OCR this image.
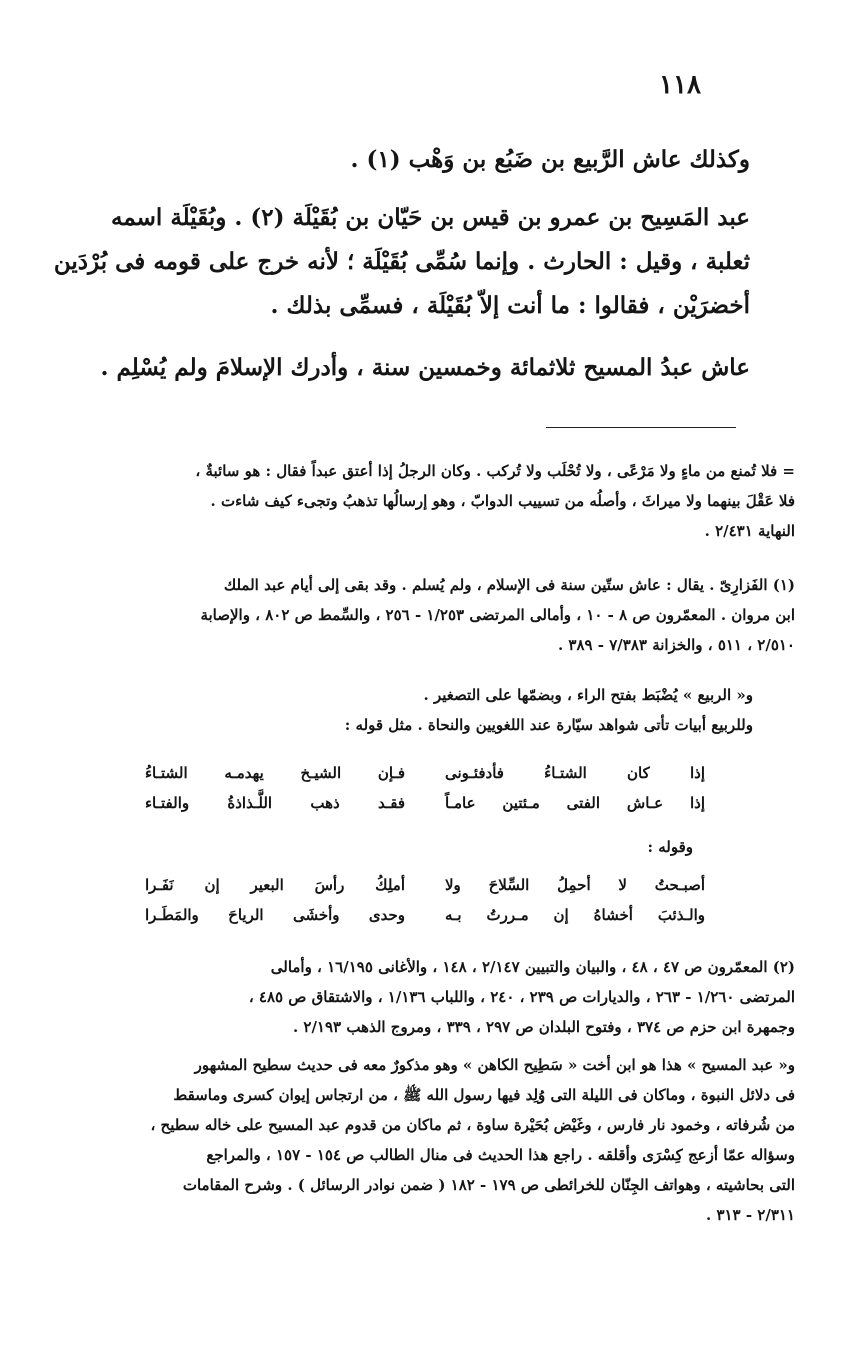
١١٨
وكذلك عاش الرَّبيع بن ضَبُع بن وَهْب (١) .
عبد المَسِيح بن عمرو بن قيس بن حَيّان بن بُقَيْلَة (٢) . وبُقَيْلَة اسمه
ثعلبة ، وقيل : الحارث . وإنما سُمِّى بُقَيْلَة ؛ لأنه خرج على قومه فى بُرْدَين
أخضرَيْن ، فقالوا : ما أنت إلاّ بُقَيْلَة ، فسمِّى بذلك .
عاش عبدُ المسيح ثلاثمائة وخمسين سنة ، وأدرك الإسلامَ ولم يُسْلِم .
= فلا تُمنع من ماءٍ ولا مَرْعًى ، ولا تُحْلَب ولا تُركب . وكان الرجلُ إذا أعتق عبداً فقال : هو سائبةٌ ،
فلا عَقْلَ بينهما ولا ميراثَ ، وأصلُه من تسييب الدوابّ ، وهو إرسالُها تذهبُ وتجىء كيف شاءت .
النهاية ٢/٤٣١ .
(١) الفَزارِىّ . يقال : عاش ستّين سنة فى الإسلام ، ولم يُسلم . وقد بقى إلى أيام عبد الملك
ابن مروان . المعمّرون ص ٨ - ١٠ ، وأمالى المرتضى ١/٢٥٣ - ٢٥٦ ، والسِّمط ص ٨٠٢ ، والإصابة
٢/٥١٠ ، ٥١١ ، والخزانة ٧/٣٨٣ - ٣٨٩ .
و« الربيع » يُضْبَط بفتح الراء ، وبضمّها على التصغير .
وللربيع أبيات تأتى شواهد سيّارة عند اللغويين والنحاة . مثل قوله :
إذا كان الشتـاءُ فأدفئـونى
فـإن الشيـخ يهدمـه الشتـاءُ
إذا عـاش الفتى مـئتين عامـاً
فقـد ذهب اللَّـذاذةُ والفتـاء
وقوله :
أصبـحتُ لا أحمِلُ السِّلاحَ ولا
أملِكُ رأسَ البعير إن نَفَـرا
والـذئبَ أخشاهُ إن مـررتُ بـه
وحدى وأخشَى الرياحَ والمَطَـرا
(٢) المعمّرون ص ٤٧ ، ٤٨ ، والبيان والتبيين ٢/١٤٧ ، ١٤٨ ، والأغانى ١٦/١٩٥ ، وأمالى
المرتضى ١/٢٦٠ - ٢٦٣ ، والديارات ص ٢٣٩ ، ٢٤٠ ، واللباب ١/١٣٦ ، والاشتقاق ص ٤٨٥ ،
وجمهرة ابن حزم ص ٣٧٤ ، وفتوح البلدان ص ٢٩٧ ، ٣٣٩ ، ومروج الذهب ٢/١٩٣ .
و« عبد المسيح » هذا هو ابن أخت « سَطِيح الكاهن » وهو مذكورٌ معه فى حديث سطيح المشهور
فى دلائل النبوة ، وماكان فى الليلة التى وُلِد فيها رسول الله ﷺ ، من ارتجاس إيوان كسرى وماسقط
من شُرفاته ، وخمود نار فارس ، وغَيْض بُحَيْرة ساوة ، ثم ماكان من قدوم عبد المسيح على خاله سطيح ،
وسؤاله عمّا أزعج كِسْرَى وأقلقه . راجع هذا الحديث فى منال الطالب ص ١٥٤ - ١٥٧ ، والمراجع
التى بحاشيته ، وهواتف الجِنّان للخرائطى ص ١٧٩ - ١٨٢ ( ضمن نوادر الرسائل ) . وشرح المقامات
٢/٣١١ - ٣١٣ .
